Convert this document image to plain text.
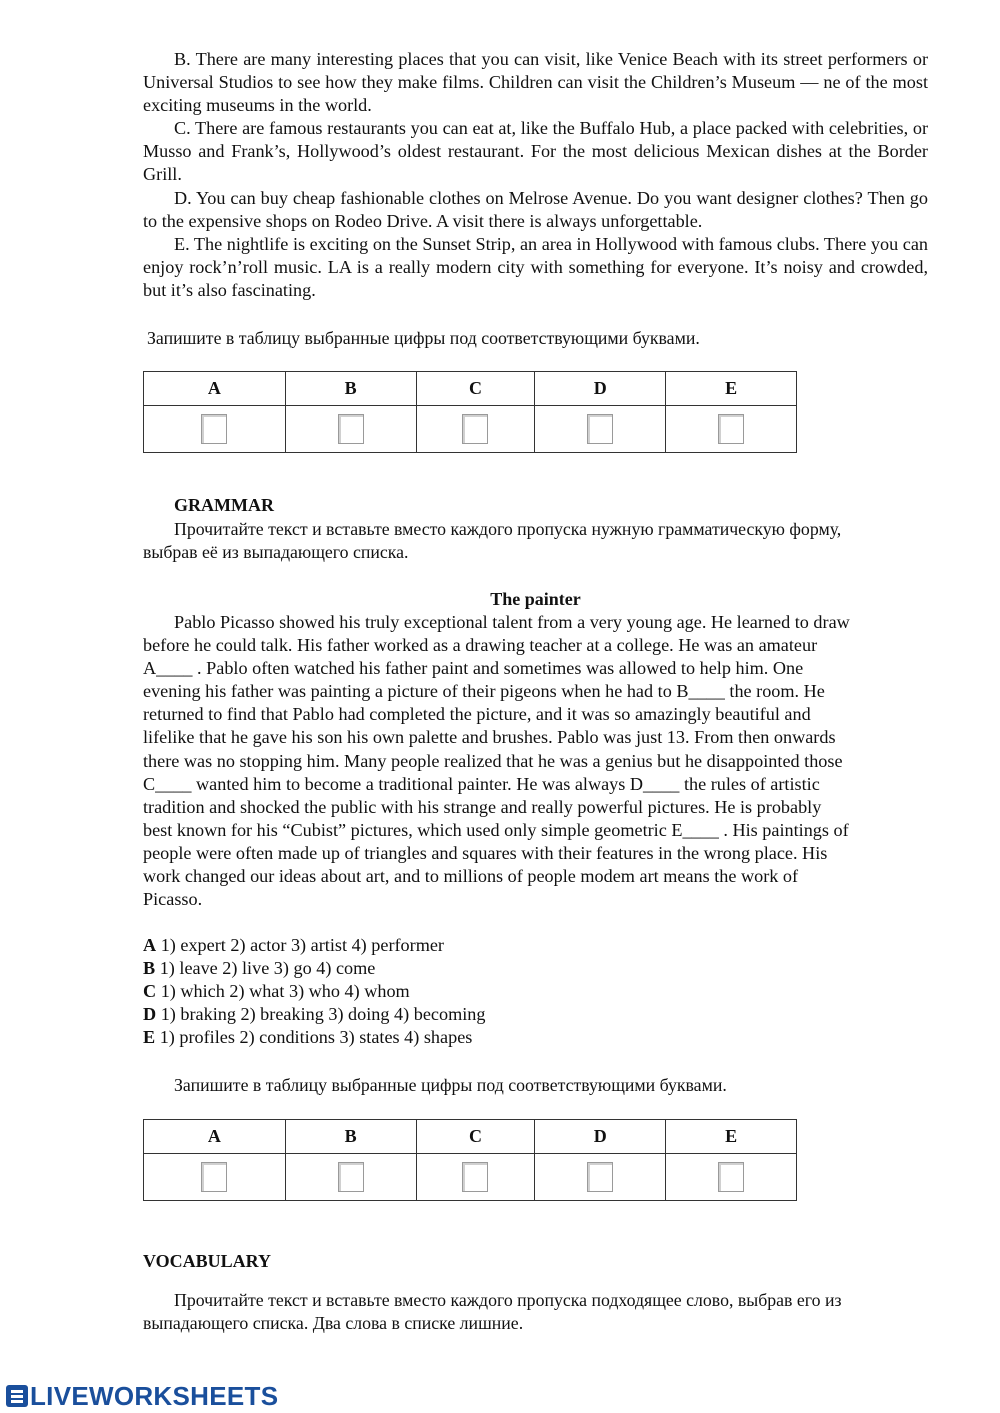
B. There are many interesting places that you can visit, like Venice Beach with its street performers or Universal Studios to see how they make films. Children can visit the Children’s Museum — ne of the most exciting museums in the world.

C. There are famous restaurants you can eat at, like the Buffalo Hub, a place packed with celebrities, or Musso and Frank’s, Hollywood’s oldest restaurant. For the most delicious Mexican dishes at the Border Grill.

D. You can buy cheap fashionable clothes on Melrose Avenue. Do you want designer clothes? Then go to the expensive shops on Rodeo Drive. A visit there is always unforgettable.

E. The nightlife is exciting on the Sunset Strip, an area in Hollywood with famous clubs. There you can enjoy rock’n’roll music. LA is a really modern city with something for everyone. It’s noisy and crowded, but it’s also fascinating.

Запишите в таблицу выбранные цифры под соответствующими буквами.

A	B	C	D	E

GRAMMAR

Прочитайте текст и вставьте вместо каждого пропуска нужную грамматическую форму, выбрав её из выпадающего списка.

The painter

Pablo Picasso showed his truly exceptional talent from a very young age. He learned to draw

before he could talk. His father worked as a drawing teacher at a college. He was an amateur

A____ . Pablo often watched his father paint and sometimes was allowed to help him. One

evening his father was painting a picture of their pigeons when he had to B____ the room. He

returned to find that Pablo had completed the picture, and it was so amazingly beautiful and

lifelike that he gave his son his own palette and brushes. Pablo was just 13. From then onwards

there was no stopping him. Many people realized that he was a genius but he disappointed those

C____ wanted him to become a traditional painter. He was always D____ the rules of artistic

tradition and shocked the public with his strange and really powerful pictures. He is probably

best known for his “Cubist” pictures, which used only simple geometric E____ . His paintings of

people were often made up of triangles and squares with their features in the wrong place. His

work changed our ideas about art, and to millions of people modem art means the work of

Picasso.

A 1) expert 2) actor 3) artist 4) performer

B 1) leave 2) live 3) go 4) come

C 1) which 2) what 3) who 4) whom

D 1) braking 2) breaking 3) doing 4) becoming

E 1) profiles 2) conditions 3) states 4) shapes

Запишите в таблицу выбранные цифры под соответствующими буквами.

A	B	C	D	E

VOCABULARY

Прочитайте текст и вставьте вместо каждого пропуска подходящее слово, выбрав его из выпадающего списка. Два слова в списке лишние.

LIVEWORKSHEETS
